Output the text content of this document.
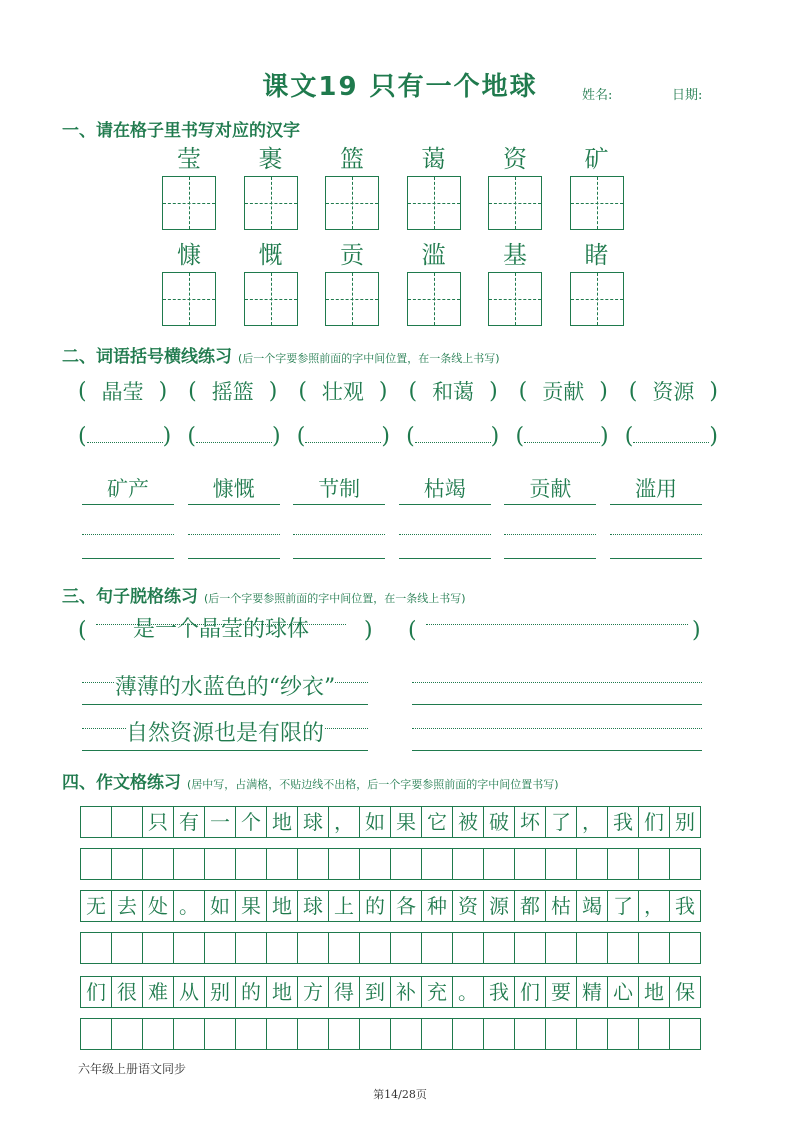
课文19 只有一个地球	姓名:	日期:
一、请在格子里书写对应的汉字
莹	裹	篮	蔼	资	矿
慷	慨	贡	滥	基	睹
二、词语括号横线练习 (后一个字要参照前面的字中间位置，在一条线上书写)
( 晶莹 ) ( 摇篮 ) ( 壮观 ) ( 和蔼 ) ( 贡献 ) ( 资源 )
(	) (	) (	) (	) (	) (	)
矿产	慷慨	节制	枯竭	贡献	滥用
三、句子脱格练习 (后一个字要参照前面的字中间位置，在一条线上书写)
(	是一个晶莹的球体	) (	)
薄薄的水蓝色的“纱衣”
自然资源也是有限的
四、作文格练习 (居中写，占满格，不贴边线不出格，后一个字要参照前面的字中间位置书写)
只 有 一 个 地 球 ， 如 果 它 被 破 坏 了 ， 我 们 别
无 去 处 。 如 果 地 球 上 的 各 种 资 源 都 枯 竭 了 ， 我
们 很 难 从 别 的 地 方 得 到 补 充 。 我 们 要 精 心 地 保
六年级上册语文同步
第14/28页
